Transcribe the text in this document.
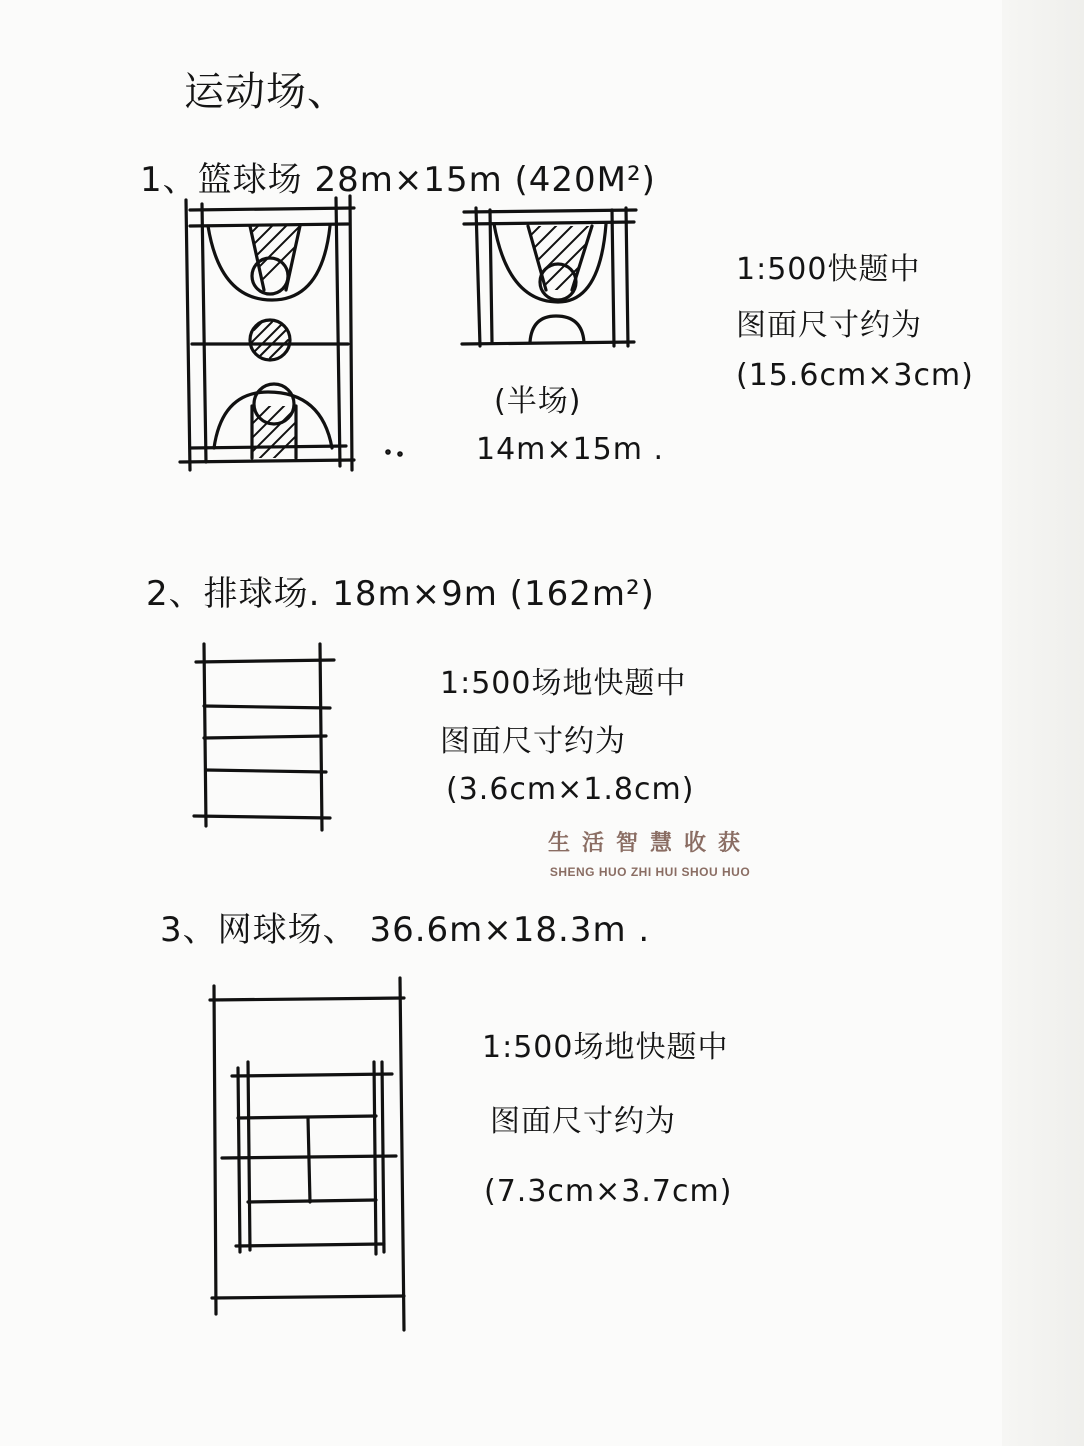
运动场、
1、篮球场 28m×15m (420M²)
(半场)
14m×15m .
1:500快题中
图面尺寸约为
(15.6cm×3cm)
2、排球场. 18m×9m (162m²)
1:500场地快题中
图面尺寸约为
(3.6cm×1.8cm)
3、网球场、 36.6m×18.3m .
1:500场地快题中
图面尺寸约为
(7.3cm×3.7cm)
生活智慧收获
SHENG HUO ZHI HUI SHOU HUO
